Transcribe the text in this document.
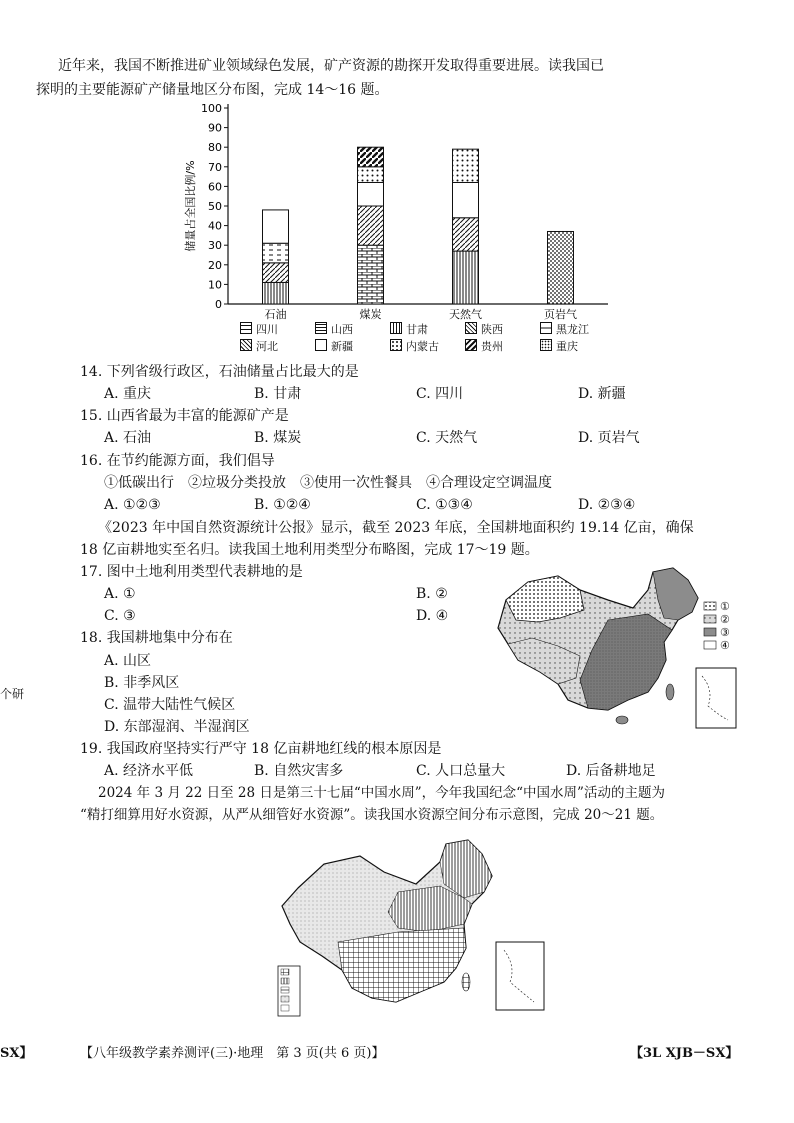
近年来，我国不断推进矿业领域绿色发展，矿产资源的勘探开发取得重要进展。读我国已
探明的主要能源矿产储量地区分布图，完成 14～16 题。
0
10
20
30
40
50
60
70
80
90
100
储量占全国比例/%
石油	煤炭	天然气	页岩气
四川	山西	甘肃	陕西	黑龙江
河北	新疆	内蒙古	贵州	重庆
14. 下列省级行政区，石油储量占比最大的是
A. 重庆	B. 甘肃	C. 四川	D. 新疆
15. 山西省最为丰富的能源矿产是
A. 石油	B. 煤炭	C. 天然气	D. 页岩气
16. 在节约能源方面，我们倡导
①低碳出行　②垃圾分类投放　③使用一次性餐具　④合理设定空调温度
A. ①②③	B. ①②④	C. ①③④	D. ②③④
《2023 年中国自然资源统计公报》显示，截至 2023 年底，全国耕地面积约 19.14 亿亩，确保
18 亿亩耕地实至名归。读我国土地利用类型分布略图，完成 17～19 题。
17. 图中土地利用类型代表耕地的是
A. ①	B. ②
C. ③	D. ④
18. 我国耕地集中分布在
A. 山区
B. 非季风区
C. 温带大陆性气候区
D. 东部湿润、半湿润区
个研
①
②
③
④
19. 我国政府坚持实行严守 18 亿亩耕地红线的根本原因是
A. 经济水平低	B. 自然灾害多	C. 人口总量大	D. 后备耕地足
2024 年 3 月 22 日至 28 日是第三十七届“中国水周”，今年我国纪念“中国水周”活动的主题为
“精打细算用好水资源，从严从细管好水资源”。读我国水资源空间分布示意图，完成 20～21 题。
SX】	【八年级教学素养测评(三)·地理　第 3 页(共 6 页)】	【3L XJB－SX】
